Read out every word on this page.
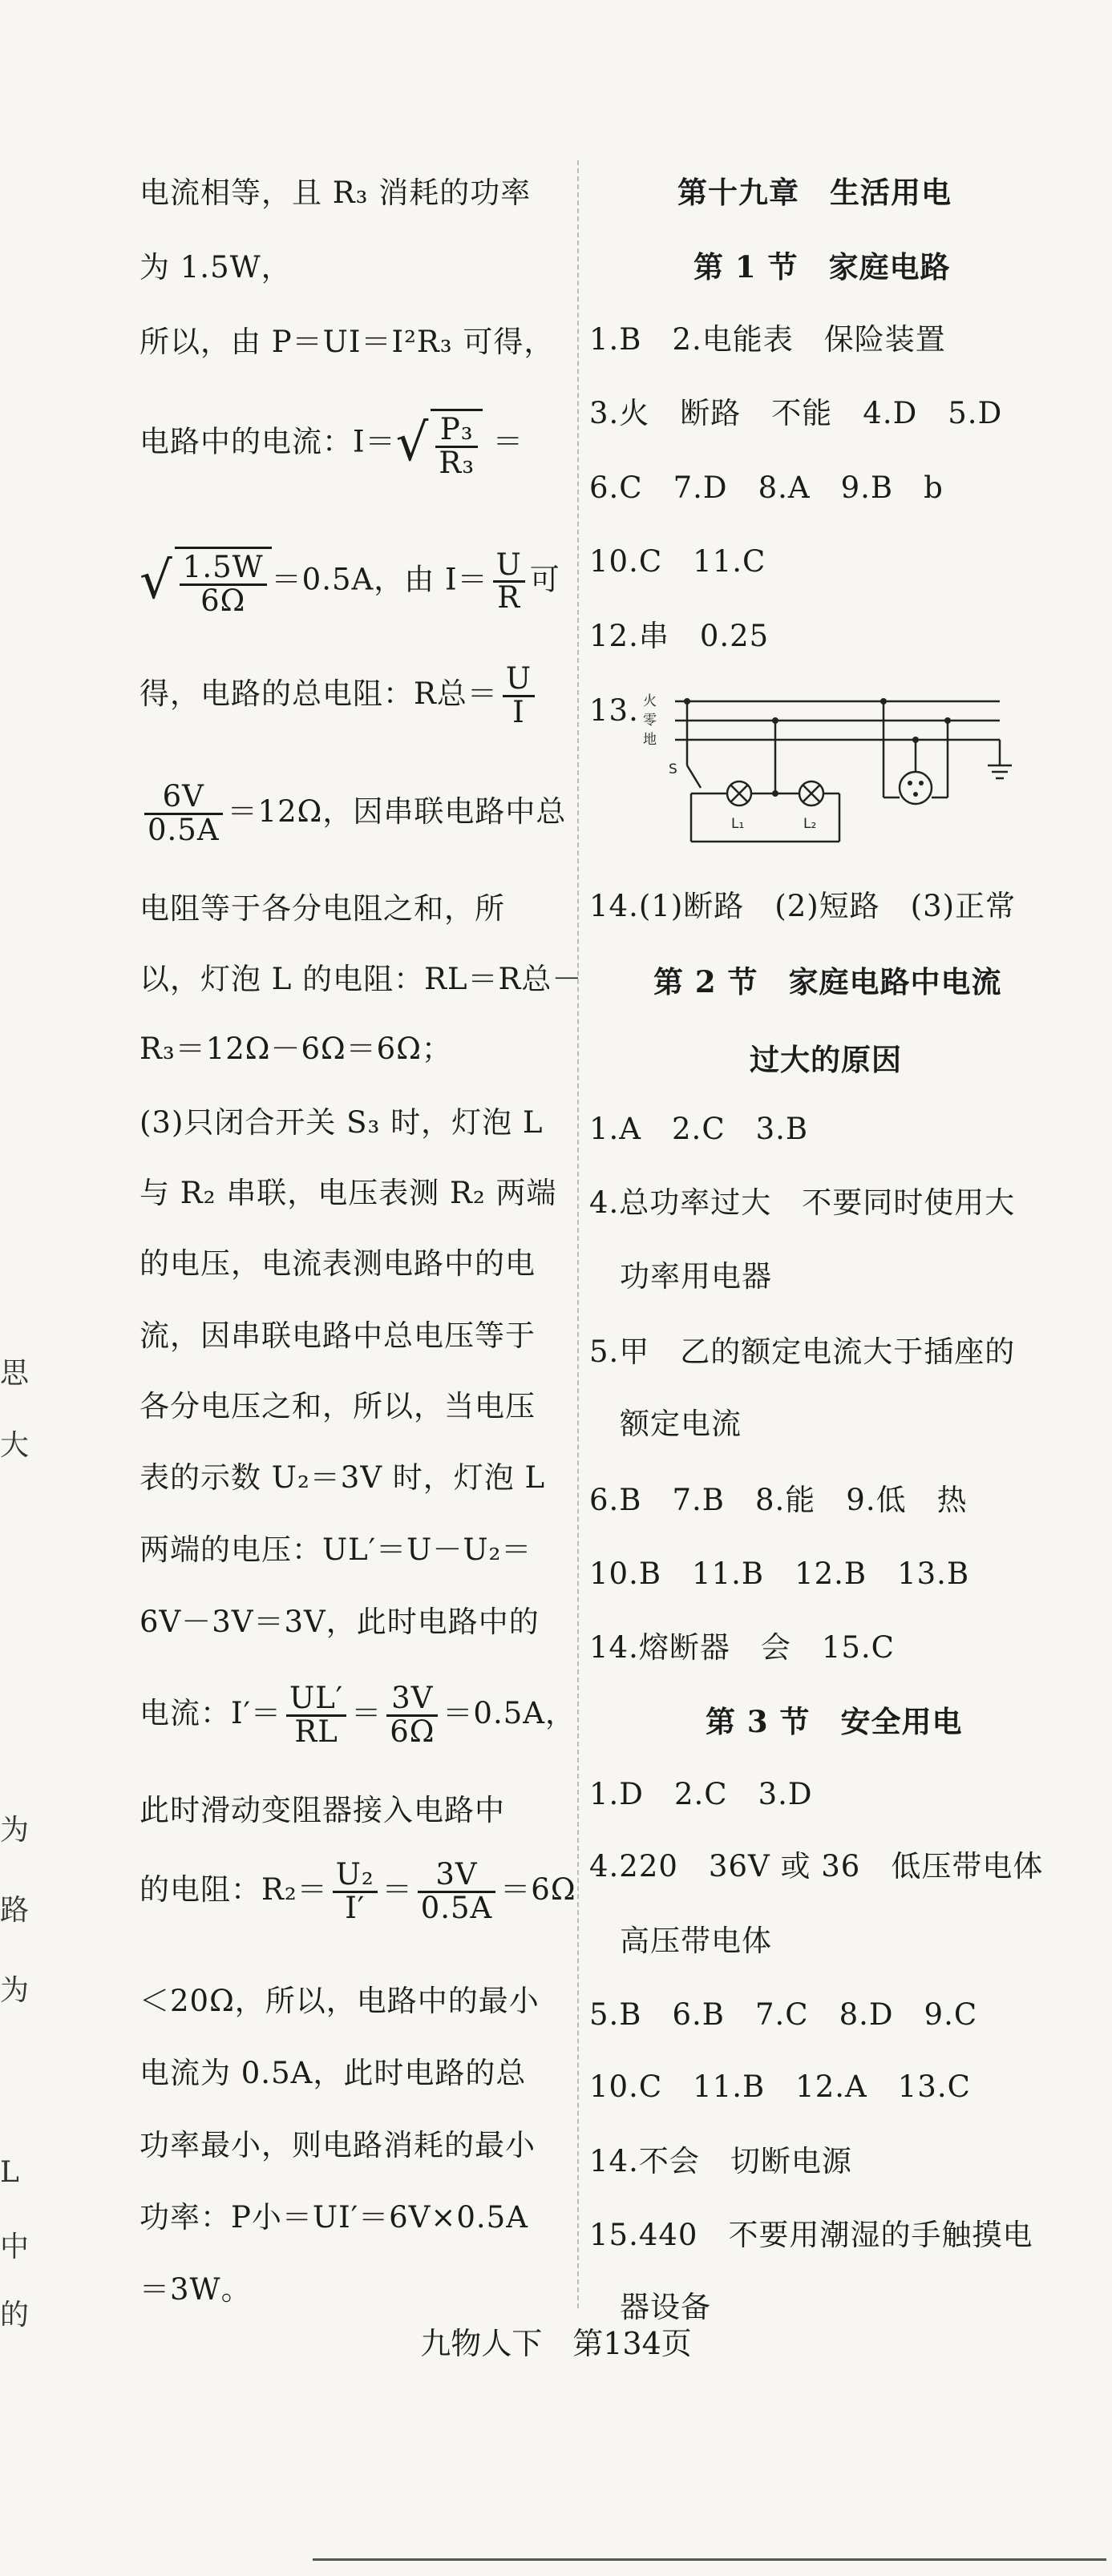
电流相等，且 R₃ 消耗的功率
为 1.5W，
所以，由 P＝UI＝I²R₃ 可得，
电路中的电流：$I=√ \frac{\text{P₃}}{\text{R₃}}$ ＝
√ $\frac{1.5W}{6\Omega} =0.5A$，由 $I= \frac{U}{R}$ 可
得，电路的总电阻：R总＝ $\frac{U}{I}$
$\frac{6V}{0.5A} =12\Omega$，因串联电路中总
电阻等于各分电阻之和，所
以，灯泡 L 的电阻：RL＝R总－
R₃＝12Ω－6Ω＝6Ω；
(3)只闭合开关 S₃ 时，灯泡 L
与 R₂ 串联，电压表测 R₂ 两端
的电压，电流表测电路中的电
流，因串联电路中总电压等于
各分电压之和，所以，当电压
表的示数 U₂＝3V 时，灯泡 L
两端的电压：UL′＝U－U₂＝
6V－3V＝3V，此时电路中的
电流：$I'= \frac{UL'}{RL} = \frac{3V}{6\Omega} =0.5A$，
此时滑动变阻器接入电路中
的电阻：$R_2= \frac{\text{U₂}}{I'} = \frac{3V}{0.5A} =6\Omega$
＜20Ω，所以，电路中的最小
电流为 0.5A，此时电路的总
功率最小，则电路消耗的最小
功率：P小＝UI′＝6V×0.5A
＝3W。
第十九章　生活用电
第 1 节　家庭电路
1.B　2.电能表　保险装置
3.火　断路　不能　4.D　5.D
6.C　7.D　8.A　9.B　b
10.C　11.C
12.串　0.25
13.
14.(1)断路　(2)短路　(3)正常
第 2 节　家庭电路中电流
过大的原因
1.A　2.C　3.B
4.总功率过大　不要同时使用大
　功率用电器
5.甲　乙的额定电流大于插座的
　额定电流
6.B　7.B　8.能　9.低　热
10.B　11.B　12.B　13.B
14.熔断器　会　15.C
第 3 节　安全用电
1.D　2.C　3.D
4.220　36V 或 36　低压带电体
　高压带电体
5.B　6.B　7.C　8.D　9.C
10.C　11.B　12.A　13.C
14.不会　切断电源
15.440　不要用潮湿的手触摸电
　器设备
火
零
地
S
L₁	L₂
思
大
为
路
为
L
中
的
九物人下　第134页
